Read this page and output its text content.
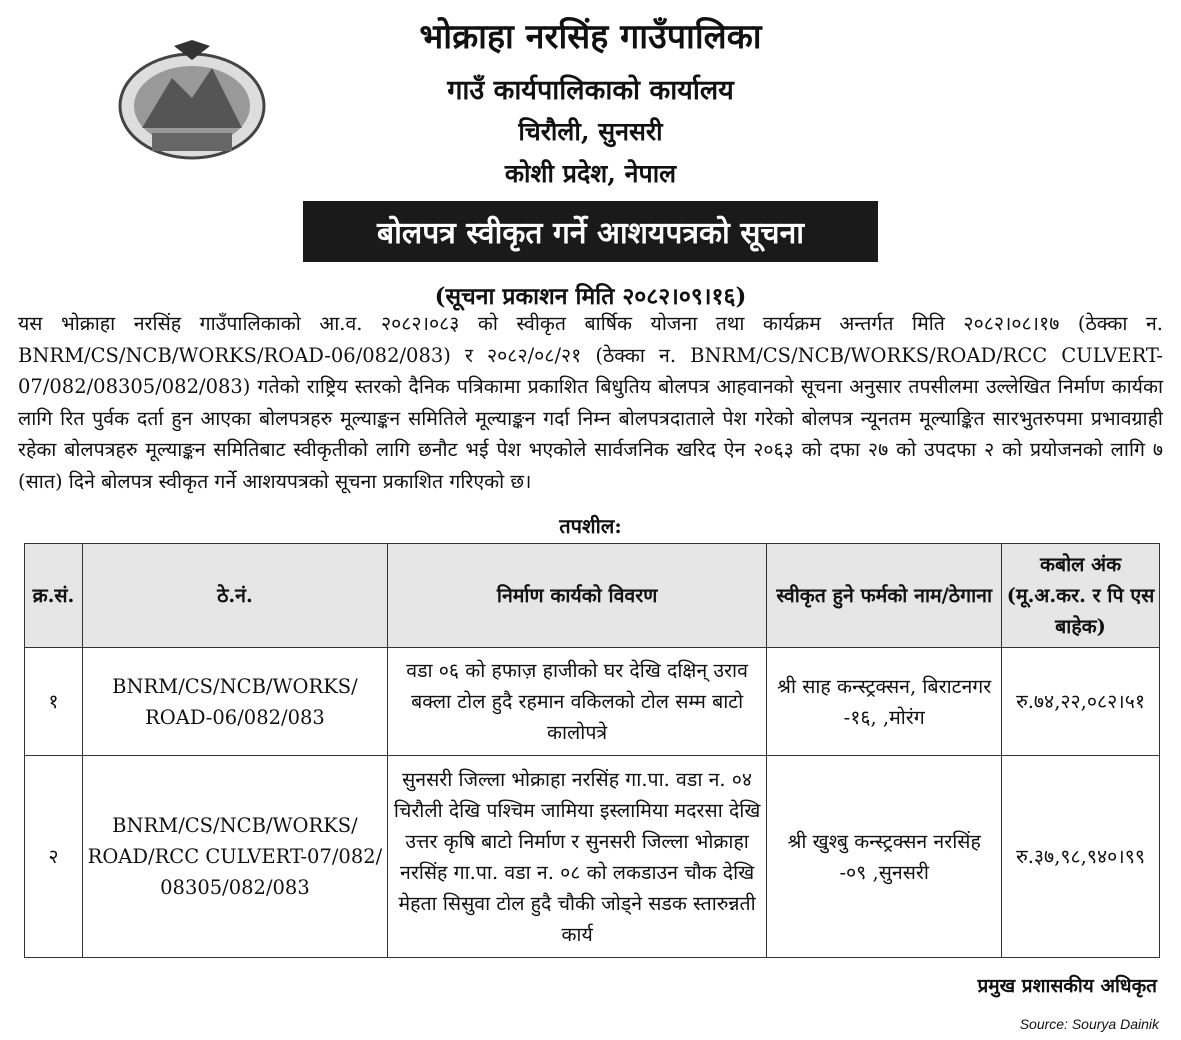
भोक्राहा नरसिंह गाउँपालिका
गाउँ कार्यपालिकाको कार्यालय
चिरौली, सुनसरी
कोशी प्रदेश, नेपाल
बोलपत्र स्वीकृत गर्ने आशयपत्रको सूचना
(सूचना प्रकाशन मिति २०८२।०९।१६)
यस भोक्राहा नरसिंह गाउँपालिकाको आ.व. २०८२।०८३ को स्वीकृत बार्षिक योजना तथा कार्यक्रम अन्तर्गत मिति २०८२।०८।१७ (ठेक्का न. BNRM/CS/NCB/WORKS/ROAD-06/082/083) र २०८२/०८/२१ (ठेक्का न. BNRM/CS/NCB/WORKS/ROAD/RCC CULVERT-07/082/08305/082/083) गतेको राष्ट्रिय स्तरको दैनिक पत्रिकामा प्रकाशित बिधुतिय बोलपत्र आहवानको सूचना अनुसार तपसीलमा उल्लेखित निर्माण कार्यका लागि रित पुर्वक दर्ता हुन आएका बोलपत्रहरु मूल्याङ्कन समितिले मूल्याङ्कन गर्दा निम्न बोलपत्रदाताले पेश गरेको बोलपत्र न्यूनतम मूल्याङ्कित सारभुतरुपमा प्रभावग्राही रहेका बोलपत्रहरु मूल्याङ्कन समितिबाट स्वीकृतीको लागि छनौट भई पेश भएकोले सार्वजनिक खरिद ऐन २०६३ को दफा २७ को उपदफा २ को प्रयोजनको लागि ७ (सात) दिने बोलपत्र स्वीकृत गर्ने आशयपत्रको सूचना प्रकाशित गरिएको छ।
तपशील:
क्र.सं.	ठे.नं.	निर्माण कार्यको विवरण	स्वीकृत हुने फर्मको नाम/ठेगाना	कबोल अंक (मू.अ.कर. र पि एस बाहेक)
१	BNRM/CS/NCB/WORKS/ ROAD-06/082/083	वडा ०६ को हफाज़ हाजीको घर देखि दक्षिन् उराव बक्ला टोल हुदै रहमान वकिलको टोल सम्म बाटो कालोपत्रे	श्री साह कन्स्ट्रक्सन, बिराटनगर -१६, ,मोरंग	रु.७४,२२,०८२।५१
२	BNRM/CS/NCB/WORKS/ ROAD/RCC CULVERT-07/082/ 08305/082/083	सुनसरी जिल्ला भोक्राहा नरसिंह गा.पा. वडा न. ०४ चिरौली देखि पश्चिम जामिया इस्लामिया मदरसा देखि उत्तर कृषि बाटो निर्माण र सुनसरी जिल्ला भोक्राहा नरसिंह गा.पा. वडा न. ०८ को लकडाउन चौक देखि मेहता सिसुवा टोल हुदै चौकी जोड्ने सडक स्तारुन्नती कार्य	श्री खुश्बु कन्स्ट्रक्सन नरसिंह -०९ ,सुनसरी	रु.३७,९८,९४०।९९
प्रमुख प्रशासकीय अधिकृत
Source: Sourya Dainik
